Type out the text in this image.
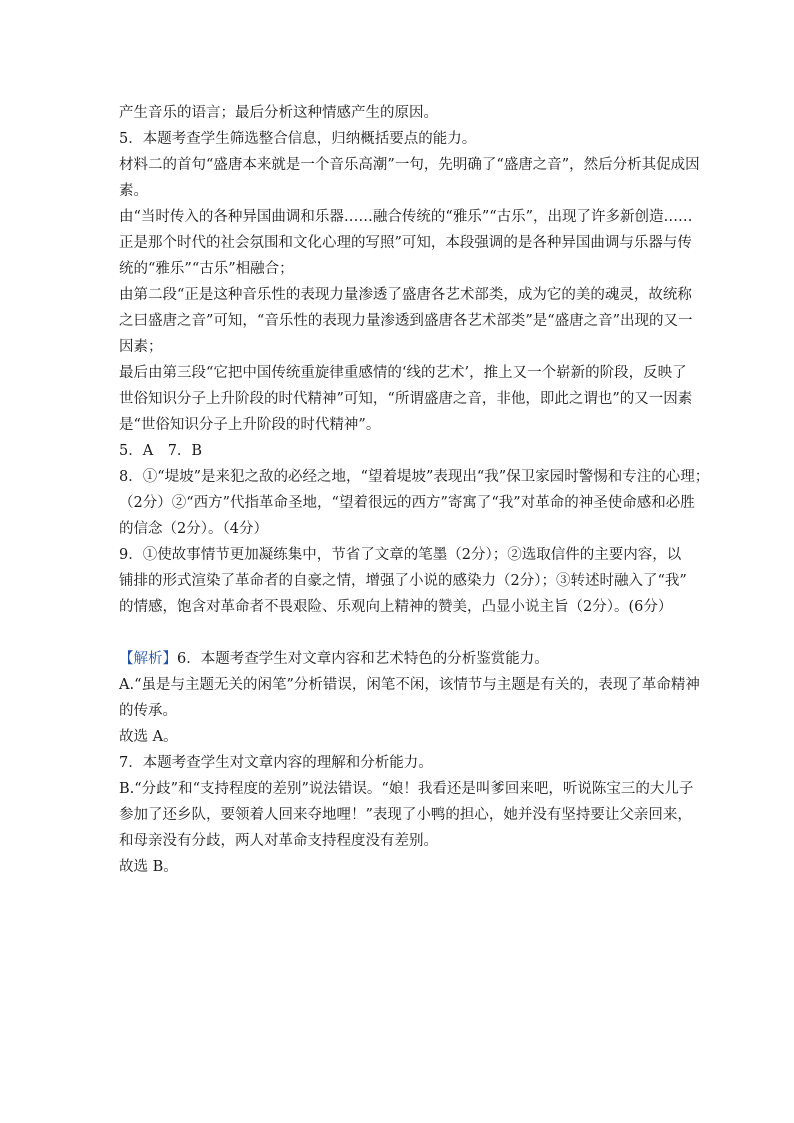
产生音乐的语言；最后分析这种情感产生的原因。
5．本题考查学生筛选整合信息，归纳概括要点的能力。
材料二的首句“盛唐本来就是一个音乐高潮”一句，先明确了“盛唐之音”，然后分析其促成因
素。
由“当时传入的各种异国曲调和乐器……融合传统的“雅乐”“古乐”，出现了许多新创造……
正是那个时代的社会氛围和文化心理的写照”可知，本段强调的是各种异国曲调与乐器与传
统的“雅乐”“古乐”相融合；
由第二段“正是这种音乐性的表现力量渗透了盛唐各艺术部类，成为它的美的魂灵，故统称
之曰盛唐之音”可知，“音乐性的表现力量渗透到盛唐各艺术部类”是“盛唐之音”出现的又一
因素；
最后由第三段“它把中国传统重旋律重感情的‘线的艺术’，推上又一个崭新的阶段，反映了
世俗知识分子上升阶段的时代精神”可知，“所谓盛唐之音，非他，即此之谓也”的又一因素
是“世俗知识分子上升阶段的时代精神”。
5．A　7．B
8．①“堤坡”是来犯之敌的必经之地，“望着堤坡”表现出“我”保卫家园时警惕和专注的心理；
（2分）②“西方”代指革命圣地，“望着很远的西方”寄寓了“我”对革命的神圣使命感和必胜
的信念（2分）。（4分）
9．①使故事情节更加凝练集中，节省了文章的笔墨（2分）；②选取信件的主要内容，以
铺排的形式渲染了革命者的自豪之情，增强了小说的感染力（2分）；③转述时融入了“我”
的情感，饱含对革命者不畏艰险、乐观向上精神的赞美，凸显小说主旨（2分）。(6分）
【解析】6．本题考查学生对文章内容和艺术特色的分析鉴赏能力。
A.“虽是与主题无关的闲笔”分析错误，闲笔不闲，该情节与主题是有关的，表现了革命精神
的传承。
故选 A。
7．本题考查学生对文章内容的理解和分析能力。
B.“分歧”和“支持程度的差别”说法错误。“娘！我看还是叫爹回来吧，听说陈宝三的大儿子
参加了还乡队，要领着人回来夺地哩！”表现了小鸭的担心，她并没有坚持要让父亲回来，
和母亲没有分歧，两人对革命支持程度没有差别。
故选 B。
